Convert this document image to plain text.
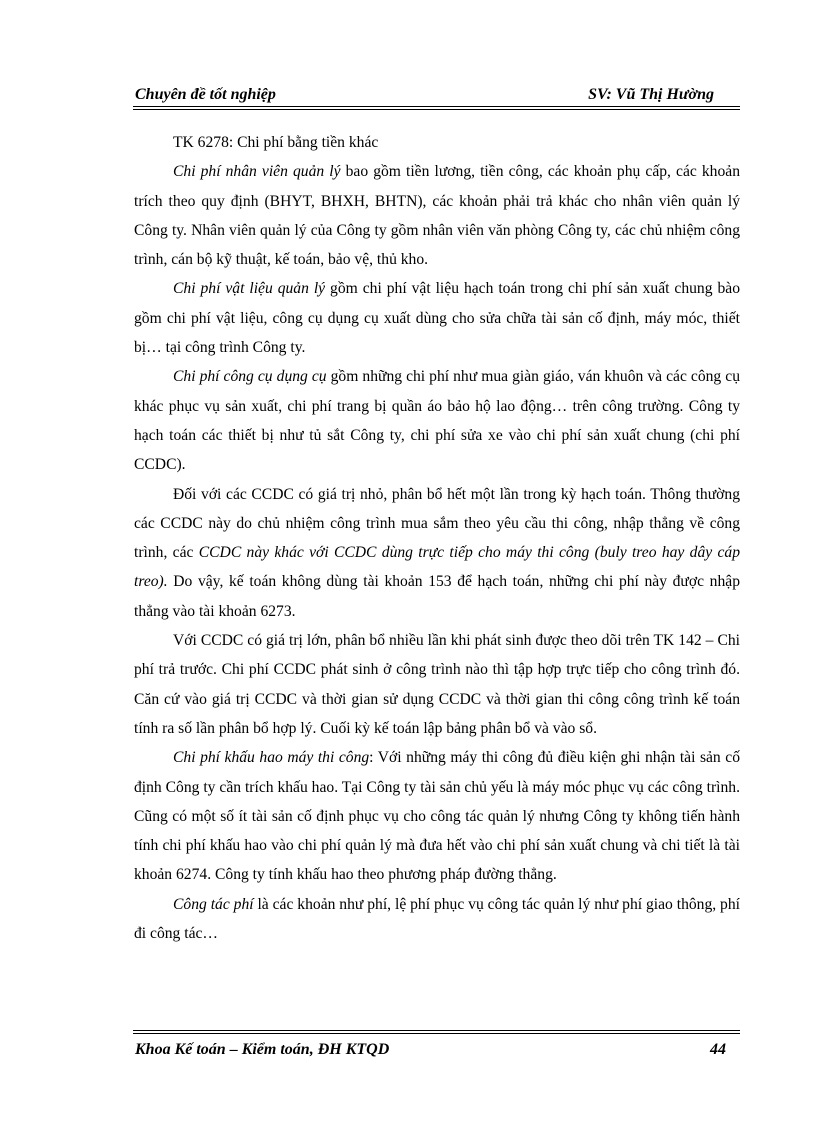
Chuyên đề tốt nghiệp	SV: Vũ Thị Hường

TK 6278: Chi phí bằng tiền khác

Chi phí nhân viên quản lý bao gồm tiền lương, tiền công, các khoản phụ cấp, các khoản trích theo quy định (BHYT, BHXH, BHTN), các khoản phải trả khác cho nhân viên quản lý Công ty. Nhân viên quản lý của Công ty gồm nhân viên văn phòng Công ty, các chủ nhiệm công trình, cán bộ kỹ thuật, kế toán, bảo vệ, thủ kho.

Chi phí vật liệu quản lý gồm chi phí vật liệu hạch toán trong chi phí sản xuất chung bào gồm chi phí vật liệu, công cụ dụng cụ xuất dùng cho sửa chữa tài sản cố định, máy móc, thiết bị… tại công trình Công ty.

Chi phí công cụ dụng cụ gồm những chi phí như mua giàn giáo, ván khuôn và các công cụ khác phục vụ sản xuất, chi phí trang bị quần áo bảo hộ lao động… trên công trường. Công ty hạch toán các thiết bị như tủ sắt Công ty, chi phí sửa xe vào chi phí sản xuất chung (chi phí CCDC).

Đối với các CCDC có giá trị nhỏ, phân bổ hết một lần trong kỳ hạch toán. Thông thường các CCDC này do chủ nhiệm công trình mua sắm theo yêu cầu thi công, nhập thẳng về công trình, các CCDC này khác với CCDC dùng trực tiếp cho máy thi công (buly treo hay dây cáp treo). Do vậy, kế toán không dùng tài khoản 153 để hạch toán, những chi phí này được nhập thẳng vào tài khoản 6273.

Với CCDC có giá trị lớn, phân bổ nhiều lần khi phát sinh được theo dõi trên TK 142 – Chi phí trả trước. Chi phí CCDC phát sinh ở công trình nào thì tập hợp trực tiếp cho công trình đó. Căn cứ vào giá trị CCDC và thời gian sử dụng CCDC và thời gian thi công công trình kế toán tính ra số lần phân bổ hợp lý. Cuối kỳ kế toán lập bảng phân bổ và vào sổ.

Chi phí khấu hao máy thi công: Với những máy thi công đủ điều kiện ghi nhận tài sản cố định Công ty cần trích khấu hao. Tại Công ty tài sản chủ yếu là máy móc phục vụ các công trình. Cũng có một số ít tài sản cố định phục vụ cho công tác quản lý nhưng Công ty không tiến hành tính chi phí khấu hao vào chi phí quản lý mà đưa hết vào chi phí sản xuất chung và chi tiết là tài khoản 6274. Công ty tính khấu hao theo phương pháp đường thẳng.

Công tác phí là các khoản như phí, lệ phí phục vụ công tác quản lý như phí giao thông, phí đi công tác…

Khoa Kế toán – Kiểm toán, ĐH KTQD	44
